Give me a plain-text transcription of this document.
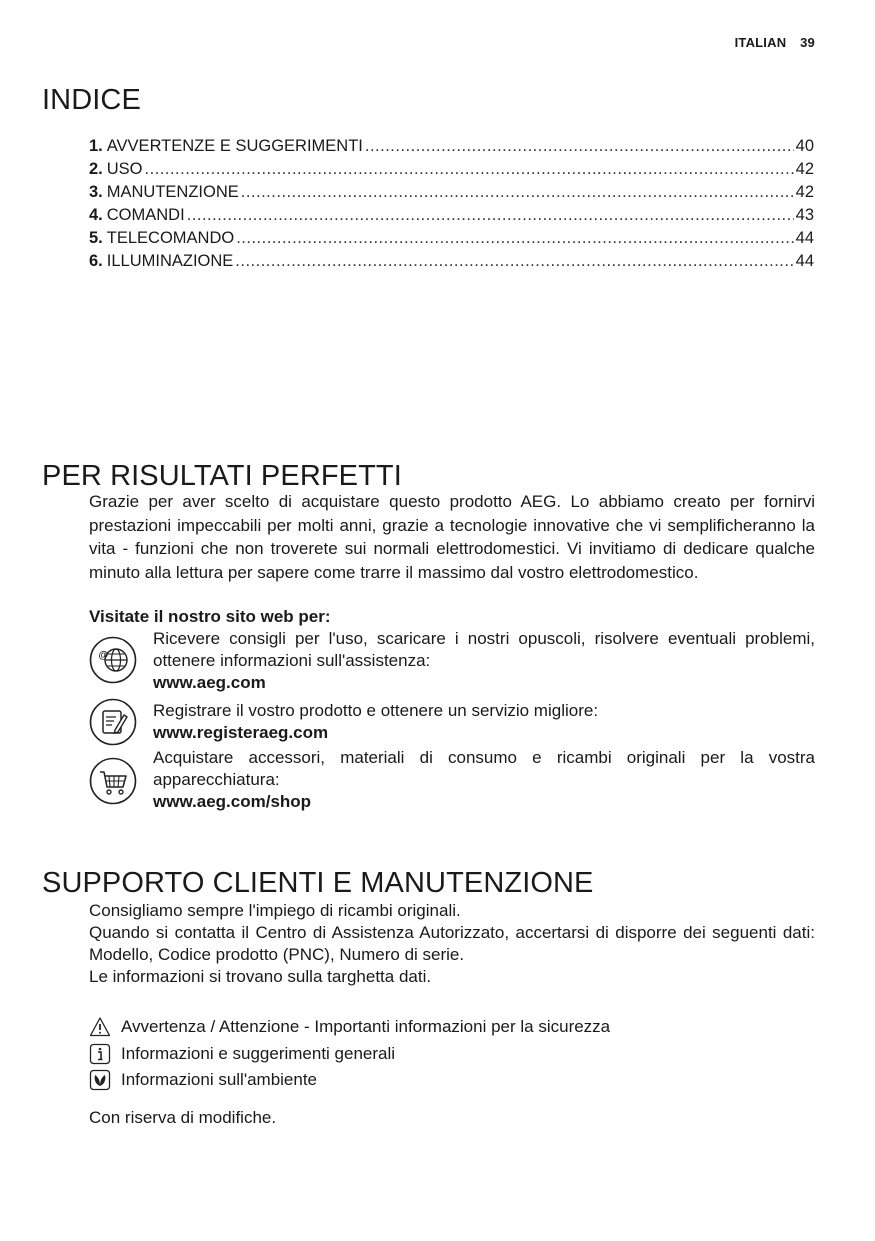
ITALIAN 39
INDICE
1. AVVERTENZE E SUGGERIMENTI .....	40
2. USO .....	42
3. MANUTENZIONE .....	42
4. COMANDI .....	43
5. TELECOMANDO .....	44
6. ILLUMINAZIONE .....	44
PER RISULTATI PERFETTI
Grazie per aver scelto di acquistare questo prodotto AEG. Lo abbiamo creato per fornirvi prestazioni impeccabili per molti anni, grazie a tecnologie innovative che vi semplificheranno la vita - funzioni che non troverete sui normali elettrodomestici. Vi invitiamo di dedicare qualche minuto alla lettura per sapere come trarre il massimo dal vostro elettrodomestico.
Visitate il nostro sito web per:
@
Ricevere consigli per l'uso, scaricare i nostri opuscoli, risolvere eventuali problemi, ottenere informazioni sull'assistenza:
www.aeg.com
Registrare il vostro prodotto e ottenere un servizio migliore:
www.registeraeg.com
Acquistare accessori, materiali di consumo e ricambi originali per la vostra apparecchiatura:
www.aeg.com/shop
SUPPORTO CLIENTI E MANUTENZIONE
Consigliamo sempre l'impiego di ricambi originali.
Quando si contatta il Centro di Assistenza Autorizzato, accertarsi di disporre dei seguenti dati: Modello, Codice prodotto (PNC), Numero di serie.
Le informazioni si trovano sulla targhetta dati.
Avvertenza / Attenzione - Importanti informazioni per la sicurezza
Informazioni e suggerimenti generali
Informazioni sull'ambiente
Con riserva di modifiche.
